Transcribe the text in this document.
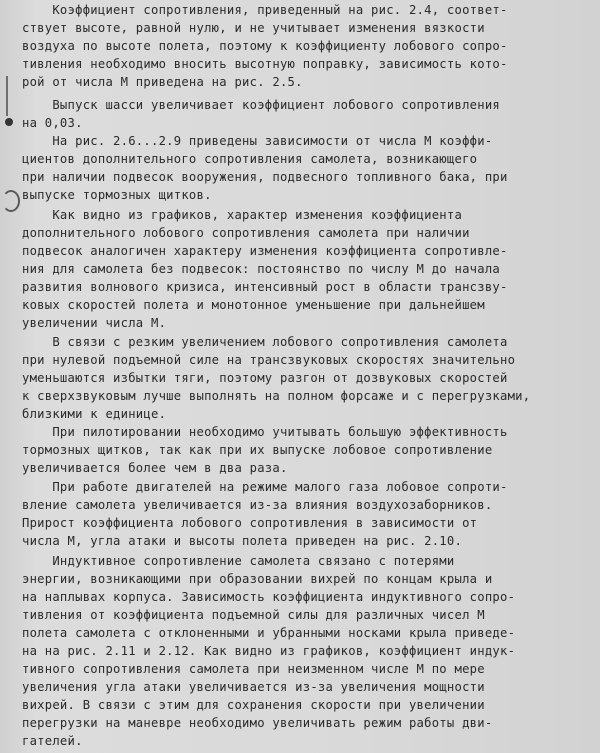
Коэффициент сопротивления, приведенный на рис. 2.4, соответ-
ствует высоте, равной нулю, и не учитывает изменения вязкости
воздуха по высоте полета, поэтому к коэффициенту лобового сопро-
тивления необходимо вносить высотную поправку, зависимость кото-
рой от числа М приведена на рис. 2.5.
Выпуск шасси увеличивает коэффициент лобового сопротивления
на 0,03.
На рис. 2.6...2.9 приведены зависимости от числа М коэффи-
циентов дополнительного сопротивления самолета, возникающего
при наличии подвесок вооружения, подвесного топливного бака, при
выпуске тормозных щитков.
Как видно из графиков, характер изменения коэффициента
дополнительного лобового сопротивления самолета при наличии
подвесок аналогичен характеру изменения коэффициента сопротивле-
ния для самолета без подвесок: постоянство по числу М до начала
развития волнового кризиса, интенсивный рост в области трансзву-
ковых скоростей полета и монотонное уменьшение при дальнейшем
увеличении числа М.
В связи с резким увеличением лобового сопротивления самолета
при нулевой подъемной силе на трансзвуковых скоростях значительно
уменьшаются избытки тяги, поэтому разгон от дозвуковых скоростей
к сверхзвуковым лучше выполнять на полном форсаже и с перегрузками,
близкими к единице.
При пилотировании необходимо учитывать большую эффективность
тормозных щитков, так как при их выпуске лобовое сопротивление
увеличивается более чем в два раза.
При работе двигателей на режиме малого газа лобовое сопроти-
вление самолета увеличивается из-за влияния воздухозаборников.
Прирост коэффициента лобового сопротивления в зависимости от
числа М, угла атаки и высоты полета приведен на рис. 2.10.
Индуктивное сопротивление самолета связано с потерями
энергии, возникающими при образовании вихрей по концам крыла и
на наплывах корпуса. Зависимость коэффициента индуктивного сопро-
тивления от коэффициента подъемной силы для различных чисел М
полета самолета с отклоненными и убранными носками крыла приведе-
на на рис. 2.11 и 2.12. Как видно из графиков, коэффициент индук-
тивного сопротивления самолета при неизменном числе М по мере
увеличения угла атаки увеличивается из-за увеличения мощности
вихрей. В связи с этим для сохранения скорости при увеличении
перегрузки на маневре необходимо увеличивать режим работы дви-
гателей.
